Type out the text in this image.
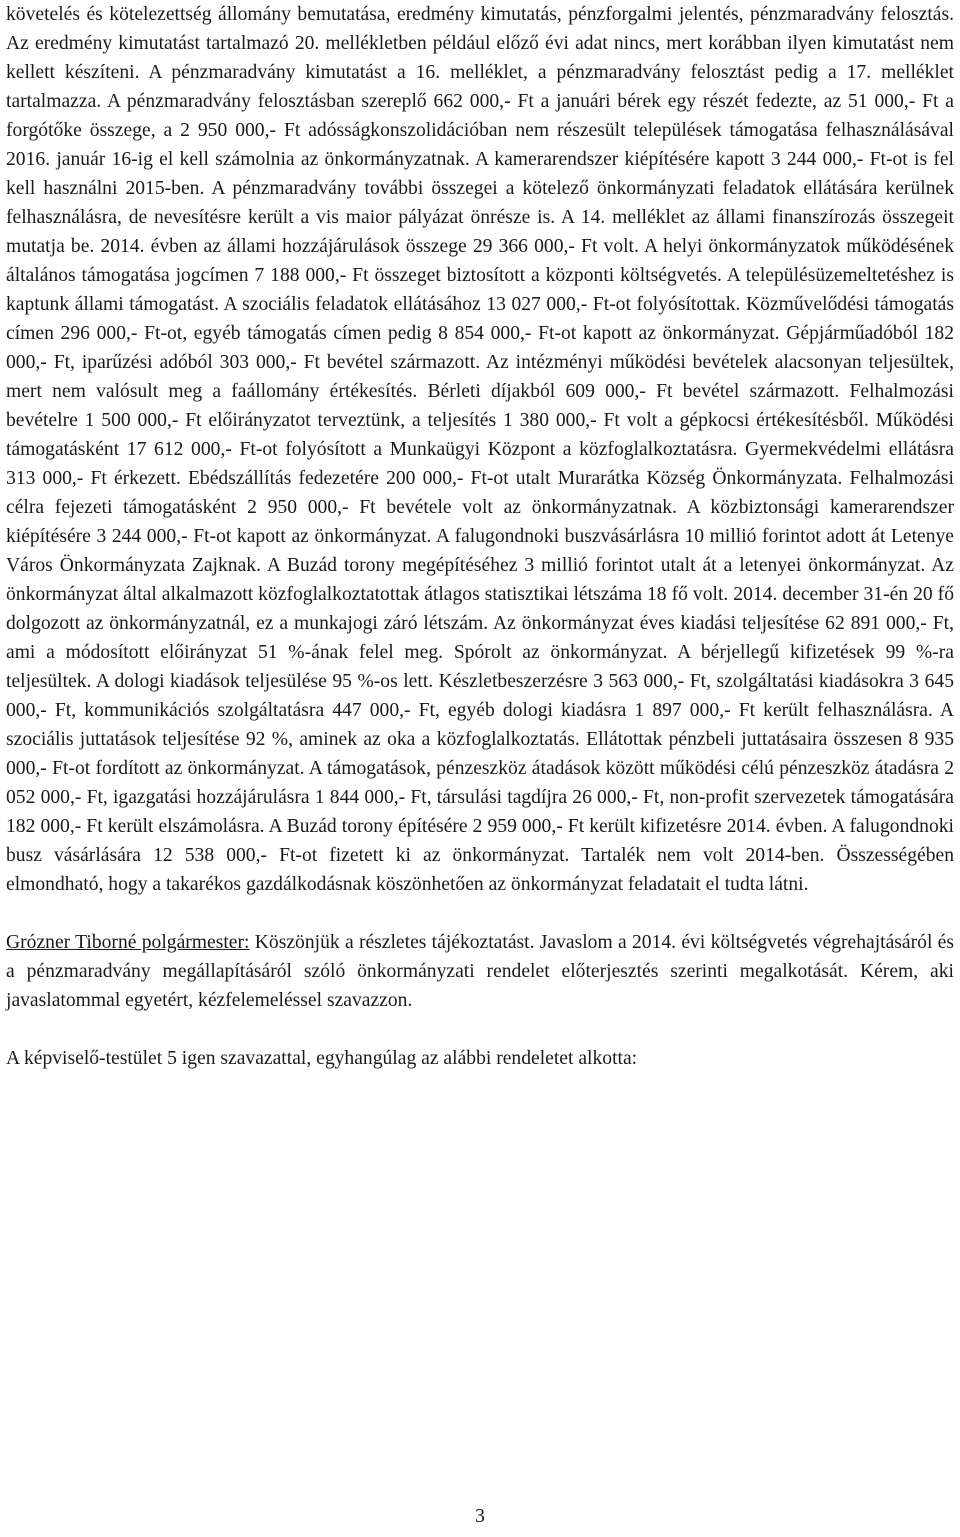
követelés és kötelezettség állomány bemutatása, eredmény kimutatás, pénzforgalmi jelentés, pénzmaradvány felosztás. Az eredmény kimutatást tartalmazó 20. mellékletben például előző évi adat nincs, mert korábban ilyen kimutatást nem kellett készíteni. A pénzmaradvány kimutatást a 16. melléklet, a pénzmaradvány felosztást pedig a 17. melléklet tartalmazza. A pénzmaradvány felosztásban szereplő 662 000,- Ft a januári bérek egy részét fedezte, az 51 000,- Ft a forgótőke összege, a 2 950 000,- Ft adósságkonszolidációban nem részesült települések támogatása felhasználásával 2016. január 16-ig el kell számolnia az önkormányzatnak. A kamerarendszer kiépítésére kapott 3 244 000,- Ft-ot is fel kell használni 2015-ben. A pénzmaradvány további összegei a kötelező önkormányzati feladatok ellátására kerülnek felhasználásra, de nevesítésre került a vis maior pályázat önrésze is. A 14. melléklet az állami finanszírozás összegeit mutatja be. 2014. évben az állami hozzájárulások összege 29 366 000,- Ft volt. A helyi önkormányzatok működésének általános támogatása jogcímen 7 188 000,- Ft összeget biztosított a központi költségvetés. A településüzemeltetéshez is kaptunk állami támogatást. A szociális feladatok ellátásához 13 027 000,- Ft-ot folyósítottak. Közművelődési támogatás címen 296 000,- Ft-ot, egyéb támogatás címen pedig 8 854 000,- Ft-ot kapott az önkormányzat. Gépjárműadóból 182 000,- Ft, iparűzési adóból 303 000,- Ft bevétel származott. Az intézményi működési bevételek alacsonyan teljesültek, mert nem valósult meg a faállomány értékesítés. Bérleti díjakból 609 000,- Ft bevétel származott. Felhalmozási bevételre 1 500 000,- Ft előirányzatot terveztünk, a teljesítés 1 380 000,- Ft volt a gépkocsi értékesítésből. Működési támogatásként 17 612 000,- Ft-ot folyósított a Munkaügyi Központ a közfoglalkoztatásra. Gyermekvédelmi ellátásra 313 000,- Ft érkezett. Ebédszállítás fedezetére 200 000,- Ft-ot utalt Murarátka Község Önkormányzata. Felhalmozási célra fejezeti támogatásként 2 950 000,- Ft bevétele volt az önkormányzatnak. A közbiztonsági kamerarendszer kiépítésére 3 244 000,- Ft-ot kapott az önkormányzat. A falugondnoki buszvásárlásra 10 millió forintot adott át Letenye Város Önkormányzata Zajknak. A Buzád torony megépítéséhez 3 millió forintot utalt át a letenyei önkormányzat. Az önkormányzat által alkalmazott közfoglalkoztatottak átlagos statisztikai létszáma 18 fő volt. 2014. december 31-én 20 fő dolgozott az önkormányzatnál, ez a munkajogi záró létszám. Az önkormányzat éves kiadási teljesítése 62 891 000,- Ft, ami a módosított előirányzat 51 %-ának felel meg. Spórolt az önkormányzat. A bérjellegű kifizetések 99 %-ra teljesültek. A dologi kiadások teljesülése 95 %-os lett. Készletbeszerzésre 3 563 000,- Ft, szolgáltatási kiadásokra 3 645 000,- Ft, kommunikációs szolgáltatásra 447 000,- Ft, egyéb dologi kiadásra 1 897 000,- Ft került felhasználásra. A szociális juttatások teljesítése 92 %, aminek az oka a közfoglalkoztatás. Ellátottak pénzbeli juttatásaira összesen 8 935 000,- Ft-ot fordított az önkormányzat. A támogatások, pénzeszköz átadások között működési célú pénzeszköz átadásra 2 052 000,- Ft, igazgatási hozzájárulásra 1 844 000,- Ft, társulási tagdíjra 26 000,- Ft, non-profit szervezetek támogatására 182 000,- Ft került elszámolásra. A Buzád torony építésére 2 959 000,- Ft került kifizetésre 2014. évben. A falugondnoki busz vásárlására 12 538 000,- Ft-ot fizetett ki az önkormányzat. Tartalék nem volt 2014-ben. Összességében elmondható, hogy a takarékos gazdálkodásnak köszönhetően az önkormányzat feladatait el tudta látni.

Grózner Tiborné polgármester: Köszönjük a részletes tájékoztatást. Javaslom a 2014. évi költségvetés végrehajtásáról és a pénzmaradvány megállapításáról szóló önkormányzati rendelet előterjesztés szerinti megalkotását. Kérem, aki javaslatommal egyetért, kézfelemeléssel szavazzon.

A képviselő-testület 5 igen szavazattal, egyhangúlag az alábbi rendeletet alkotta:

3
